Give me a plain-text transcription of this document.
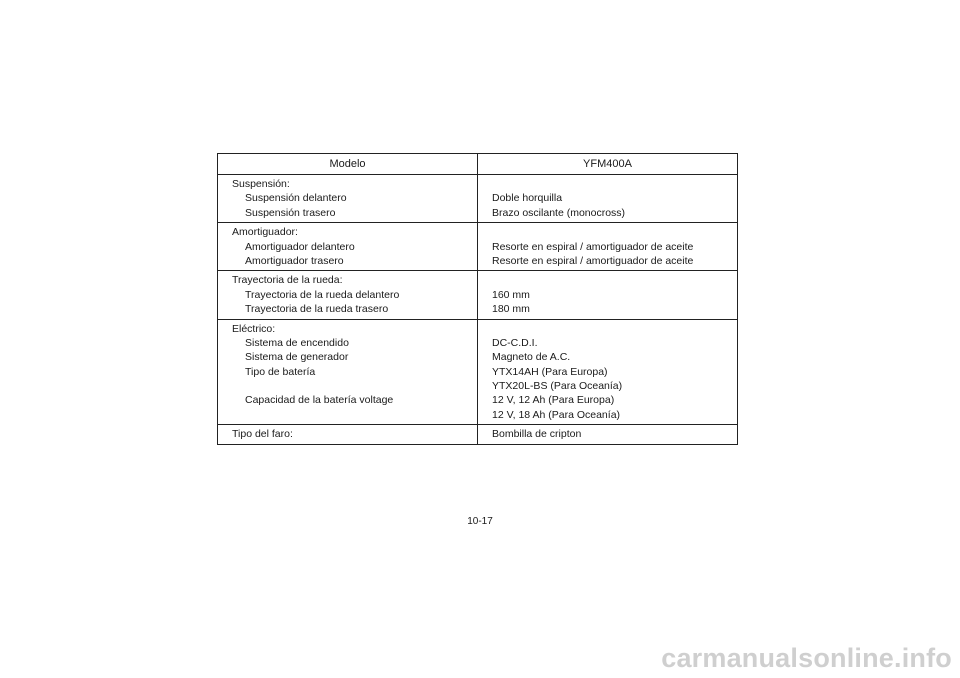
Modelo	YFM400A
Suspensión:
Suspensión delantero
Suspensión trasero
Doble horquilla
Brazo oscilante (monocross)
Amortiguador:
Amortiguador delantero
Amortiguador trasero
Resorte en espiral / amortiguador de aceite
Resorte en espiral / amortiguador de aceite
Trayectoria de la rueda:
Trayectoria de la rueda delantero
Trayectoria de la rueda trasero
160 mm
180 mm
Eléctrico:
Sistema de encendido
Sistema de generador
Tipo de batería
Capacidad de la batería voltage
DC-C.D.I.
Magneto de A.C.
YTX14AH (Para Europa)
YTX20L-BS (Para Oceanía)
12 V, 12 Ah (Para Europa)
12 V, 18 Ah (Para Oceanía)
Tipo del faro:	Bombilla de cripton
10-17
carmanualsonline.info
